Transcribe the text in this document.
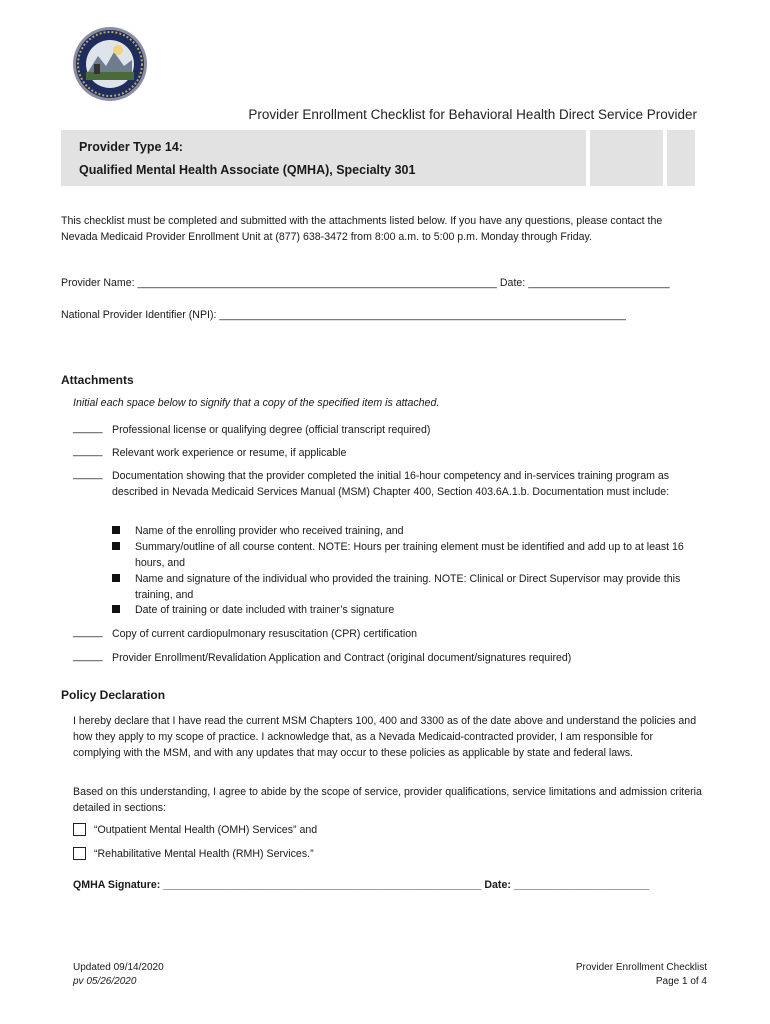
Provider Enrollment Checklist for Behavioral Health Direct Service Provider
Provider Type 14:
Qualified Mental Health Associate (QMHA), Specialty 301
This checklist must be completed and submitted with the attachments listed below. If you have any questions, please contact the Nevada Medicaid Provider Enrollment Unit at (877) 638-3472 from 8:00 a.m. to 5:00 p.m. Monday through Friday.
Provider Name: _____________________________________________________________ Date: ________________________
National Provider Identifier (NPI): _____________________________________________________________________
Attachments
Initial each space below to signify that a copy of the specified item is attached.
_____ Professional license or qualifying degree (official transcript required)
_____ Relevant work experience or resume, if applicable
_____ Documentation showing that the provider completed the initial 16-hour competency and in-services training program as described in Nevada Medicaid Services Manual (MSM) Chapter 400, Section 403.6A.1.b. Documentation must include:
Name of the enrolling provider who received training, and
Summary/outline of all course content. NOTE: Hours per training element must be identified and add up to at least 16 hours, and
Name and signature of the individual who provided the training. NOTE: Clinical or Direct Supervisor may provide this training, and
Date of training or date included with trainer’s signature
_____ Copy of current cardiopulmonary resuscitation (CPR) certification
_____ Provider Enrollment/Revalidation Application and Contract (original document/signatures required)
Policy Declaration
I hereby declare that I have read the current MSM Chapters 100, 400 and 3300 as of the date above and understand the policies and how they apply to my scope of practice. I acknowledge that, as a Nevada Medicaid-contracted provider, I am responsible for complying with the MSM, and with any updates that may occur to these policies as applicable by state and federal laws.
Based on this understanding, I agree to abide by the scope of service, provider qualifications, service limitations and admission criteria detailed in sections:
“Outpatient Mental Health (OMH) Services” and
“Rehabilitative Mental Health (RMH) Services.”
QMHA Signature: ______________________________________________________ Date: _______________________
Updated 09/14/2020
pv 05/26/2020
Provider Enrollment Checklist
Page 1 of 4
